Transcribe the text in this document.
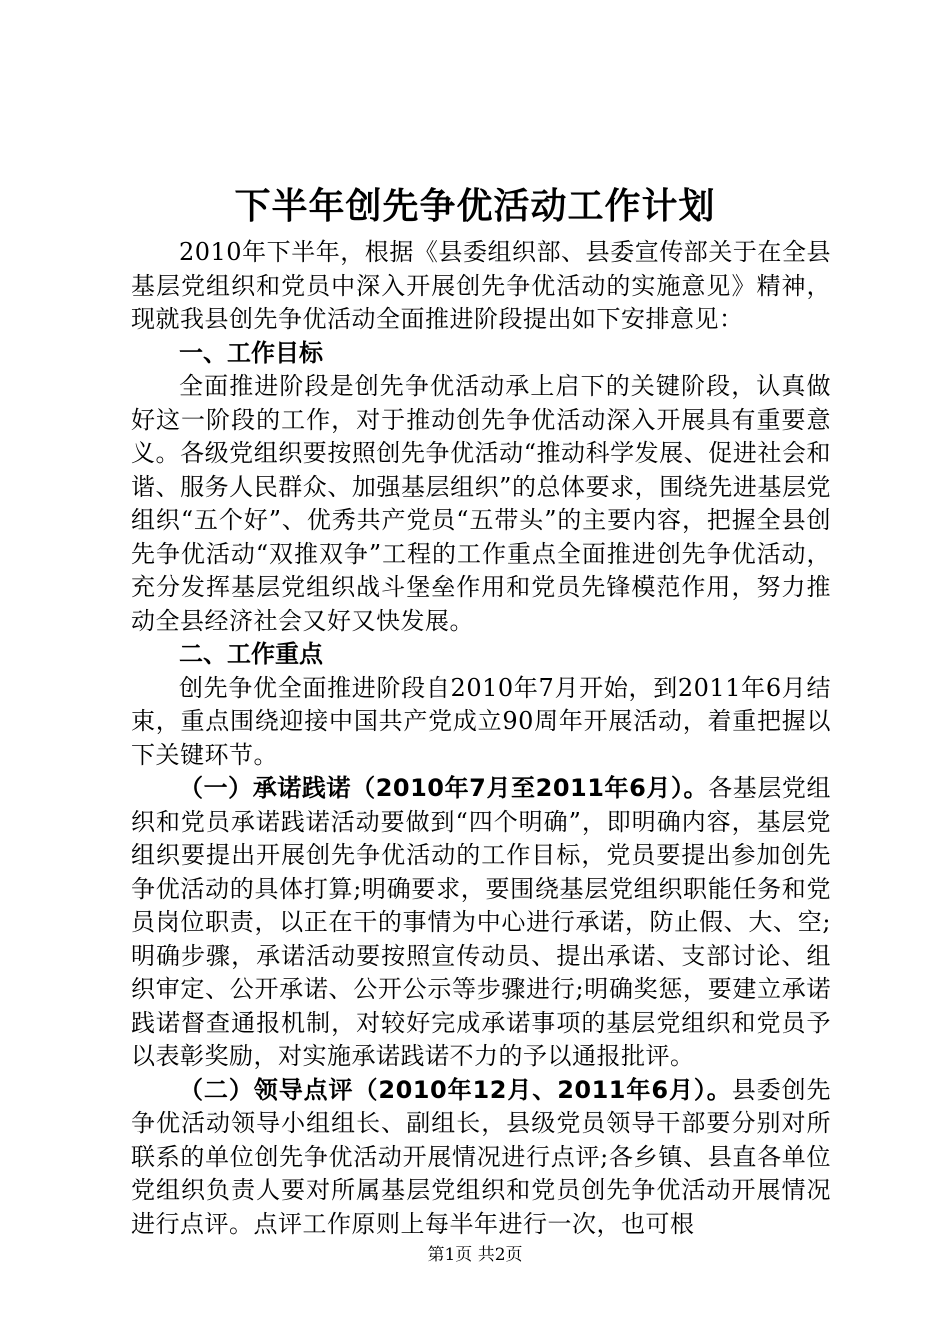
下半年创先争优活动工作计划

2010年下半年，根据《县委组织部、县委宣传部关于在全县基层党组织和党员中深入开展创先争优活动的实施意见》精神，现就我县创先争优活动全面推进阶段提出如下安排意见：

一、工作目标

全面推进阶段是创先争优活动承上启下的关键阶段，认真做好这一阶段的工作，对于推动创先争优活动深入开展具有重要意义。各级党组织要按照创先争优活动“推动科学发展、促进社会和谐、服务人民群众、加强基层组织”的总体要求，围绕先进基层党组织“五个好”、优秀共产党员“五带头”的主要内容，把握全县创先争优活动“双推双争”工程的工作重点全面推进创先争优活动，充分发挥基层党组织战斗堡垒作用和党员先锋模范作用，努力推动全县经济社会又好又快发展。

二、工作重点

创先争优全面推进阶段自2010年7月开始，到2011年6月结束，重点围绕迎接中国共产党成立90周年开展活动，着重把握以下关键环节。

（一）承诺践诺（2010年7月至2011年6月）。各基层党组织和党员承诺践诺活动要做到“四个明确”，即明确内容，基层党组织要提出开展创先争优活动的工作目标，党员要提出参加创先争优活动的具体打算;明确要求，要围绕基层党组织职能任务和党员岗位职责，以正在干的事情为中心进行承诺，防止假、大、空;明确步骤，承诺活动要按照宣传动员、提出承诺、支部讨论、组织审定、公开承诺、公开公示等步骤进行;明确奖惩，要建立承诺践诺督查通报机制，对较好完成承诺事项的基层党组织和党员予以表彰奖励，对实施承诺践诺不力的予以通报批评。

（二）领导点评（2010年12月、2011年6月）。县委创先争优活动领导小组组长、副组长，县级党员领导干部要分别对所联系的单位创先争优活动开展情况进行点评;各乡镇、县直各单位党组织负责人要对所属基层党组织和党员创先争优活动开展情况进行点评。点评工作原则上每半年进行一次，也可根

第1页 共2页
